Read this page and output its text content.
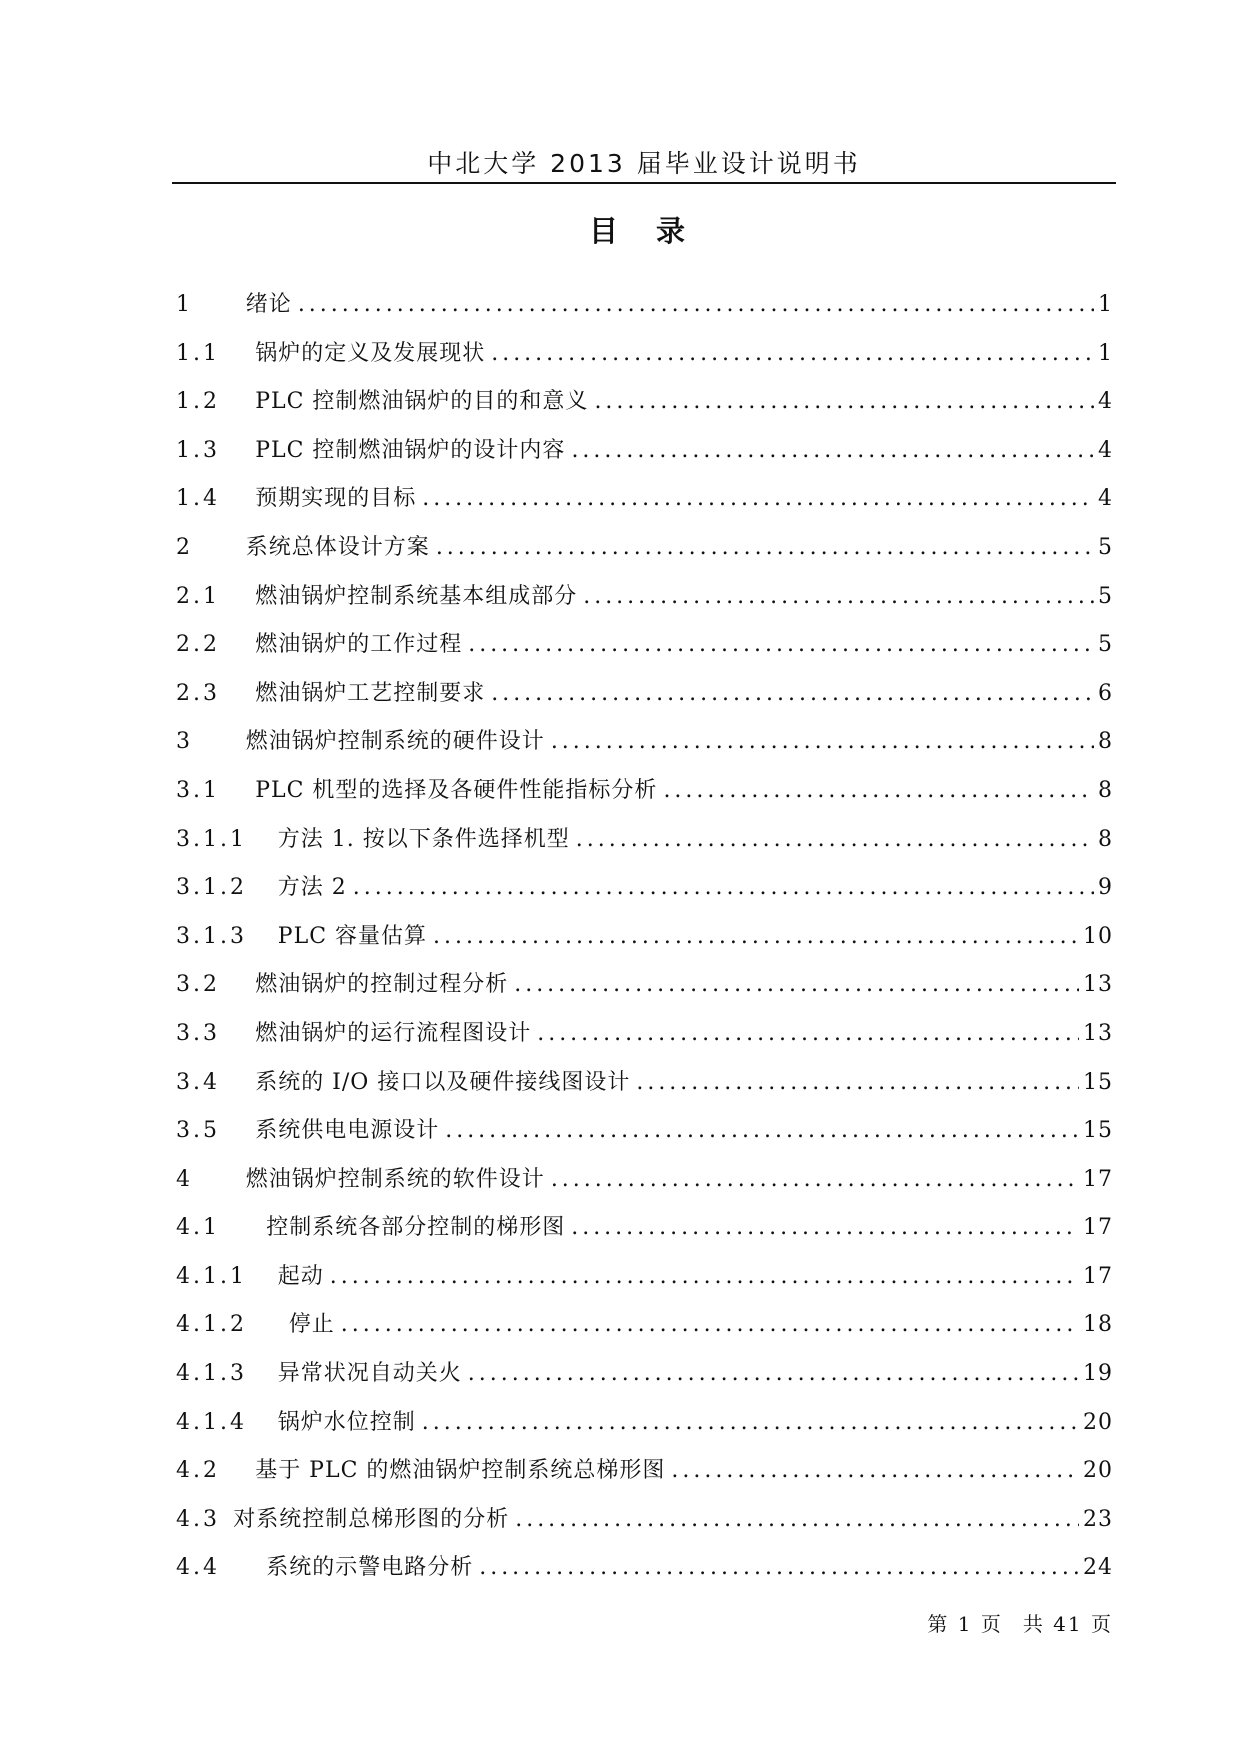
中北大学 2013 届毕业设计说明书
目 录
1 绪论 .....	1
1.1 锅炉的定义及发展现状 .....	1
1.2 PLC 控制燃油锅炉的目的和意义 .....	4
1.3 PLC 控制燃油锅炉的设计内容 .....	4
1.4 预期实现的目标 .....	4
2 系统总体设计方案 .....	5
2.1 燃油锅炉控制系统基本组成部分 .....	5
2.2 燃油锅炉的工作过程 .....	5
2.3 燃油锅炉工艺控制要求 .....	6
3 燃油锅炉控制系统的硬件设计 .....	8
3.1 PLC 机型的选择及各硬件性能指标分析 .....	8
3.1.1 方法 1. 按以下条件选择机型 .....	8
3.1.2 方法 2 .....	9
3.1.3 PLC 容量估算 .....	10
3.2 燃油锅炉的控制过程分析 .....	13
3.3 燃油锅炉的运行流程图设计 .....	13
3.4 系统的 I/O 接口以及硬件接线图设计 .....	15
3.5 系统供电电源设计 .....	15
4 燃油锅炉控制系统的软件设计 .....	17
4.1 控制系统各部分控制的梯形图 .....	17
4.1.1 起动 .....	17
4.1.2 停止 .....	18
4.1.3 异常状况自动关火 .....	19
4.1.4 锅炉水位控制 .....	20
4.2 基于 PLC 的燃油锅炉控制系统总梯形图 .....	20
4.3 对系统控制总梯形图的分析 .....	23
4.4 系统的示警电路分析 .....	24
第 1 页 共 41 页
